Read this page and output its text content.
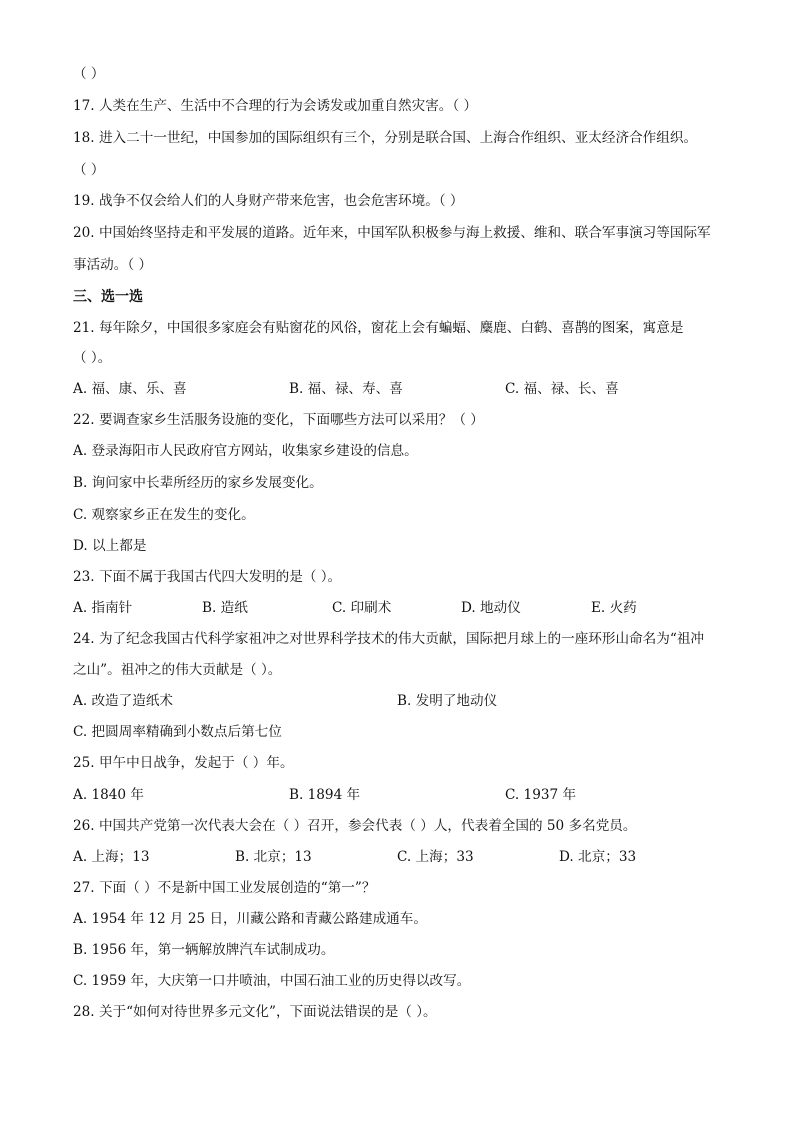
（ ）
17. 人类在生产、生活中不合理的行为会诱发或加重自然灾害。（ ）
18. 进入二十一世纪，中国参加的国际组织有三个，分别是联合国、上海合作组织、亚太经济合作组织。
（ ）
19. 战争不仅会给人们的人身财产带来危害，也会危害环境。（ ）
20. 中国始终坚持走和平发展的道路。近年来，中国军队积极参与海上救援、维和、联合军事演习等国际军
事活动。（ ）
三、选一选
21. 每年除夕，中国很多家庭会有贴窗花的风俗，窗花上会有蝙蝠、麋鹿、白鹤、喜鹊的图案，寓意是
（ ）。
A. 福、康、乐、喜	B. 福、禄、寿、喜	C. 福、禄、长、喜
22. 要调查家乡生活服务设施的变化，下面哪些方法可以采用？（ ）
A. 登录海阳市人民政府官方网站，收集家乡建设的信息。
B. 询问家中长辈所经历的家乡发展变化。
C. 观察家乡正在发生的变化。
D. 以上都是
23. 下面不属于我国古代四大发明的是（ ）。
A. 指南针	B. 造纸	C. 印刷术	D. 地动仪	E. 火药
24. 为了纪念我国古代科学家祖冲之对世界科学技术的伟大贡献，国际把月球上的一座环形山命名为“祖冲
之山”。祖冲之的伟大贡献是（ ）。
A. 改造了造纸术	B. 发明了地动仪
C. 把圆周率精确到小数点后第七位
25. 甲午中日战争，发起于（ ）年。
A. 1840 年	B. 1894 年	C. 1937 年
26. 中国共产党第一次代表大会在（ ）召开，参会代表（ ）人，代表着全国的 50 多名党员。
A. 上海；13	B. 北京；13	C. 上海；33	D. 北京；33
27. 下面（ ）不是新中国工业发展创造的“第一”？
A. 1954 年 12 月 25 日，川藏公路和青藏公路建成通车。
B. 1956 年，第一辆解放牌汽车试制成功。
C. 1959 年，大庆第一口井喷油，中国石油工业的历史得以改写。
28. 关于“如何对待世界多元文化”，下面说法错误的是（ ）。
